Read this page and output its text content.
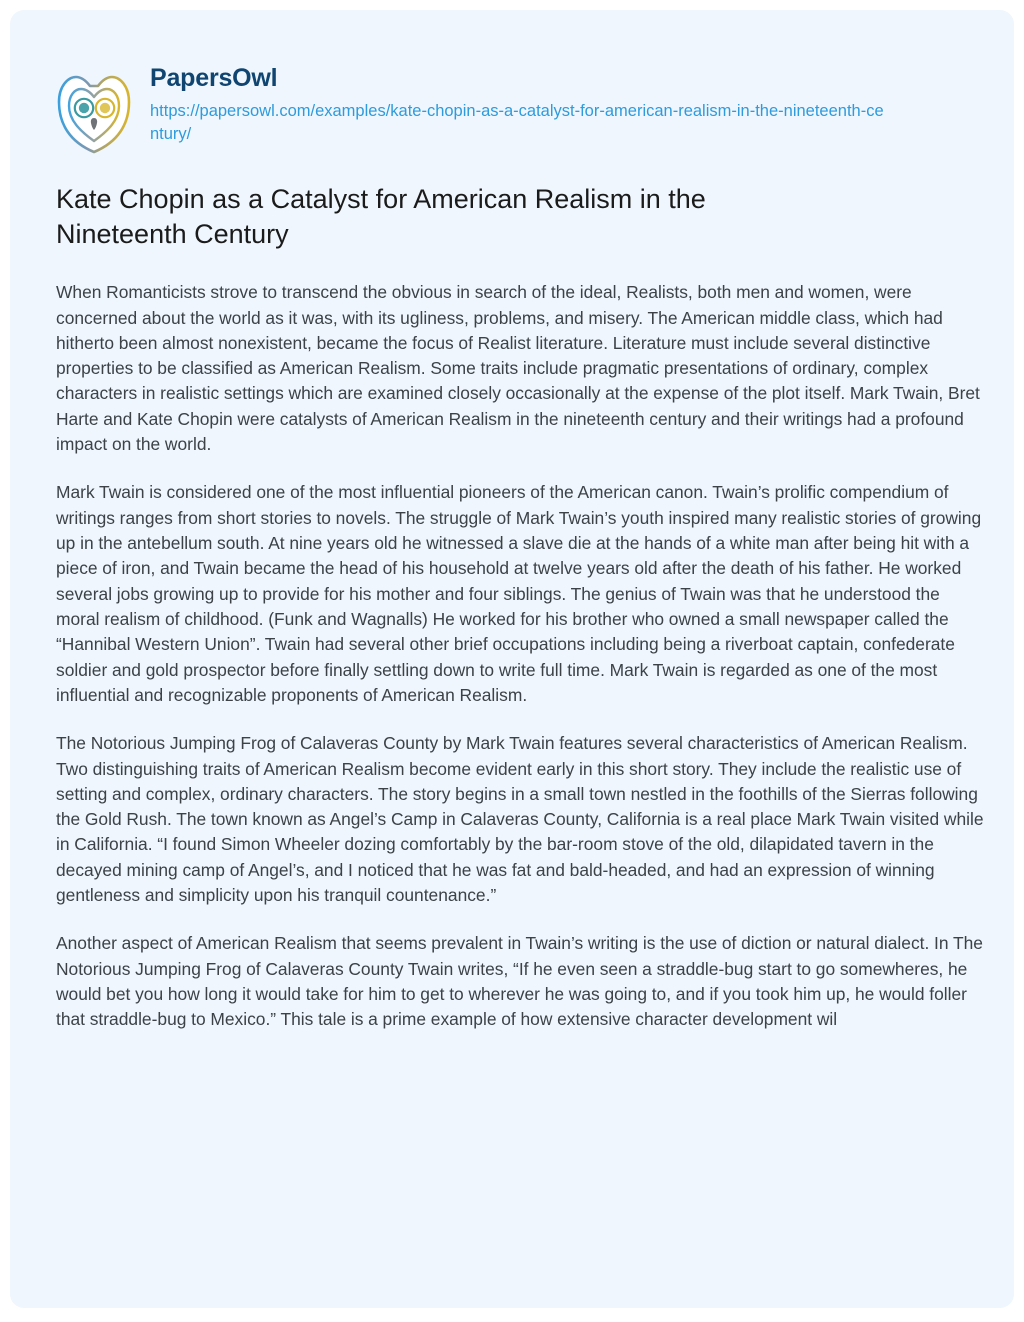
PapersOwl
https://papersowl.com/examples/kate-chopin-as-a-catalyst-for-american-realism-in-the-nineteenth-century/
Kate Chopin as a Catalyst for American Realism in the Nineteenth Century

When Romanticists strove to transcend the obvious in search of the ideal, Realists, both men and women, were concerned about the world as it was, with its ugliness, problems, and misery. The American middle class, which had hitherto been almost nonexistent, became the focus of Realist literature. Literature must include several distinctive properties to be classified as American Realism. Some traits include pragmatic presentations of ordinary, complex characters in realistic settings which are examined closely occasionally at the expense of the plot itself. Mark Twain, Bret Harte and Kate Chopin were catalysts of American Realism in the nineteenth century and their writings had a profound impact on the world.

Mark Twain is considered one of the most influential pioneers of the American canon. Twain’s prolific compendium of writings ranges from short stories to novels. The struggle of Mark Twain’s youth inspired many realistic stories of growing up in the antebellum south. At nine years old he witnessed a slave die at the hands of a white man after being hit with a piece of iron, and Twain became the head of his household at twelve years old after the death of his father. He worked several jobs growing up to provide for his mother and four siblings. The genius of Twain was that he understood the moral realism of childhood. (Funk and Wagnalls) He worked for his brother who owned a small newspaper called the “Hannibal Western Union”. Twain had several other brief occupations including being a riverboat captain, confederate soldier and gold prospector before finally settling down to write full time. Mark Twain is regarded as one of the most influential and recognizable proponents of American Realism.

The Notorious Jumping Frog of Calaveras County by Mark Twain features several characteristics of American Realism. Two distinguishing traits of American Realism become evident early in this short story. They include the realistic use of setting and complex, ordinary characters. The story begins in a small town nestled in the foothills of the Sierras following the Gold Rush. The town known as Angel’s Camp in Calaveras County, California is a real place Mark Twain visited while in California. “I found Simon Wheeler dozing comfortably by the bar-room stove of the old, dilapidated tavern in the decayed mining camp of Angel’s, and I noticed that he was fat and bald-headed, and had an expression of winning gentleness and simplicity upon his tranquil countenance.”

Another aspect of American Realism that seems prevalent in Twain’s writing is the use of diction or natural dialect. In The Notorious Jumping Frog of Calaveras County Twain writes, “If he even seen a straddle-bug start to go somewheres, he would bet you how long it would take for him to get to wherever he was going to, and if you took him up, he would foller that straddle-bug to Mexico.” This tale is a prime example of how extensive character development wil
